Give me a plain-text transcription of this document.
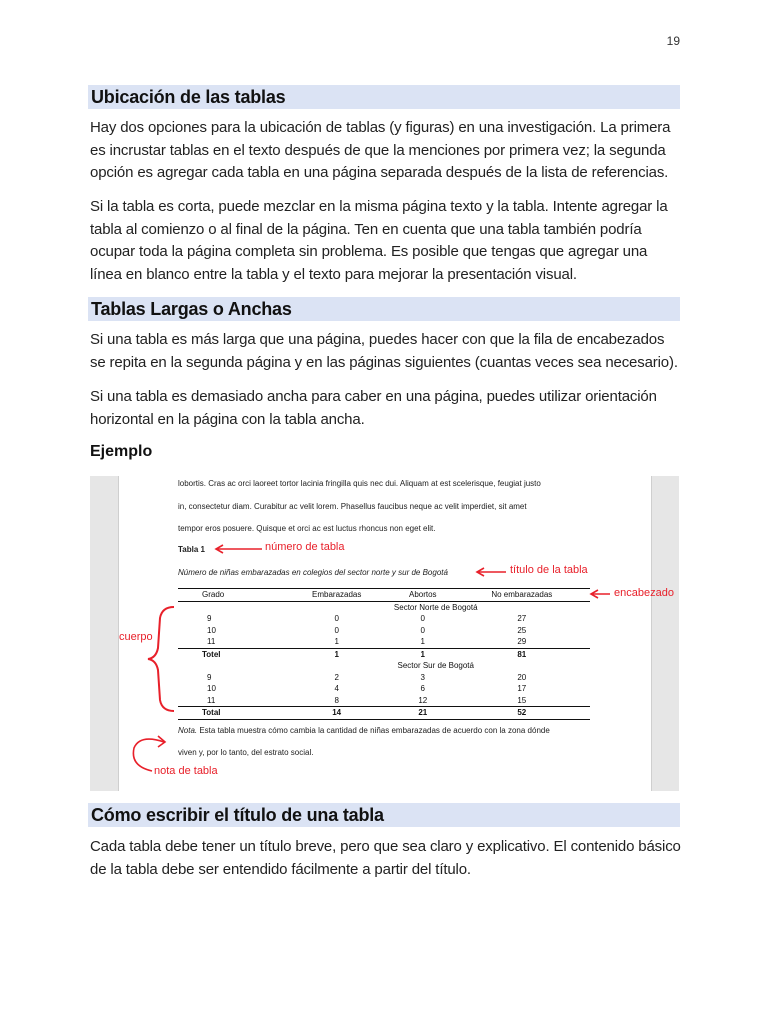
19
Ubicación de las tablas
Hay dos opciones para la ubicación de tablas (y figuras) en una investigación. La primera es incrustar tablas en el texto después de que la menciones por primera vez; la segunda opción es agregar cada tabla en una página separada después de la lista de referencias.
Si la tabla es corta, puede mezclar en la misma página texto y la tabla. Intente agregar la tabla al comienzo o al final de la página. Ten en cuenta que una tabla también podría ocupar toda la página completa sin problema. Es posible que tengas que agregar una línea en blanco entre la tabla y el texto para mejorar la presentación visual.
Tablas Largas o Anchas
Si una tabla es más larga que una página, puedes hacer con que la fila de encabezados se repita en la segunda página y en las páginas siguientes (cuantas veces sea necesario).
Si una tabla es demasiado ancha para caber en una página, puedes utilizar orientación horizontal en la página con la tabla ancha.
Ejemplo
lobortis. Cras ac orci laoreet tortor lacinia fringilla quis nec dui. Aliquam at est scelerisque, feugiat justo
in, consectetur diam. Curabitur ac velit lorem. Phasellus faucibus neque ac velit imperdiet, sit amet
tempor eros posuere. Quisque et orci ac est luctus rhoncus non eget elit.
Tabla 1
Número de niñas embarazadas en colegios del sector norte y sur de Bogotá
Grado	Embarazadas	Abortos	No embarazadas
	Sector Norte de Bogotá		
9	0	0	27
10	0	0	25
11	1	1	29
Totel	1	1	81
	Sector Sur de Bogotá		
9	2	3	20
10	4	6	17
11	8	12	15
Total	14	21	52
Nota. Esta tabla muestra cómo cambia la cantidad de niñas embarazadas de acuerdo con la zona dónde
viven y, por lo tanto, del estrato social.
número de tabla
título de la tabla
encabezado
cuerpo
nota de tabla
Cómo escribir el título de una tabla
Cada tabla debe tener un título breve, pero que sea claro y explicativo. El contenido básico de la tabla debe ser entendido fácilmente a partir del título.
